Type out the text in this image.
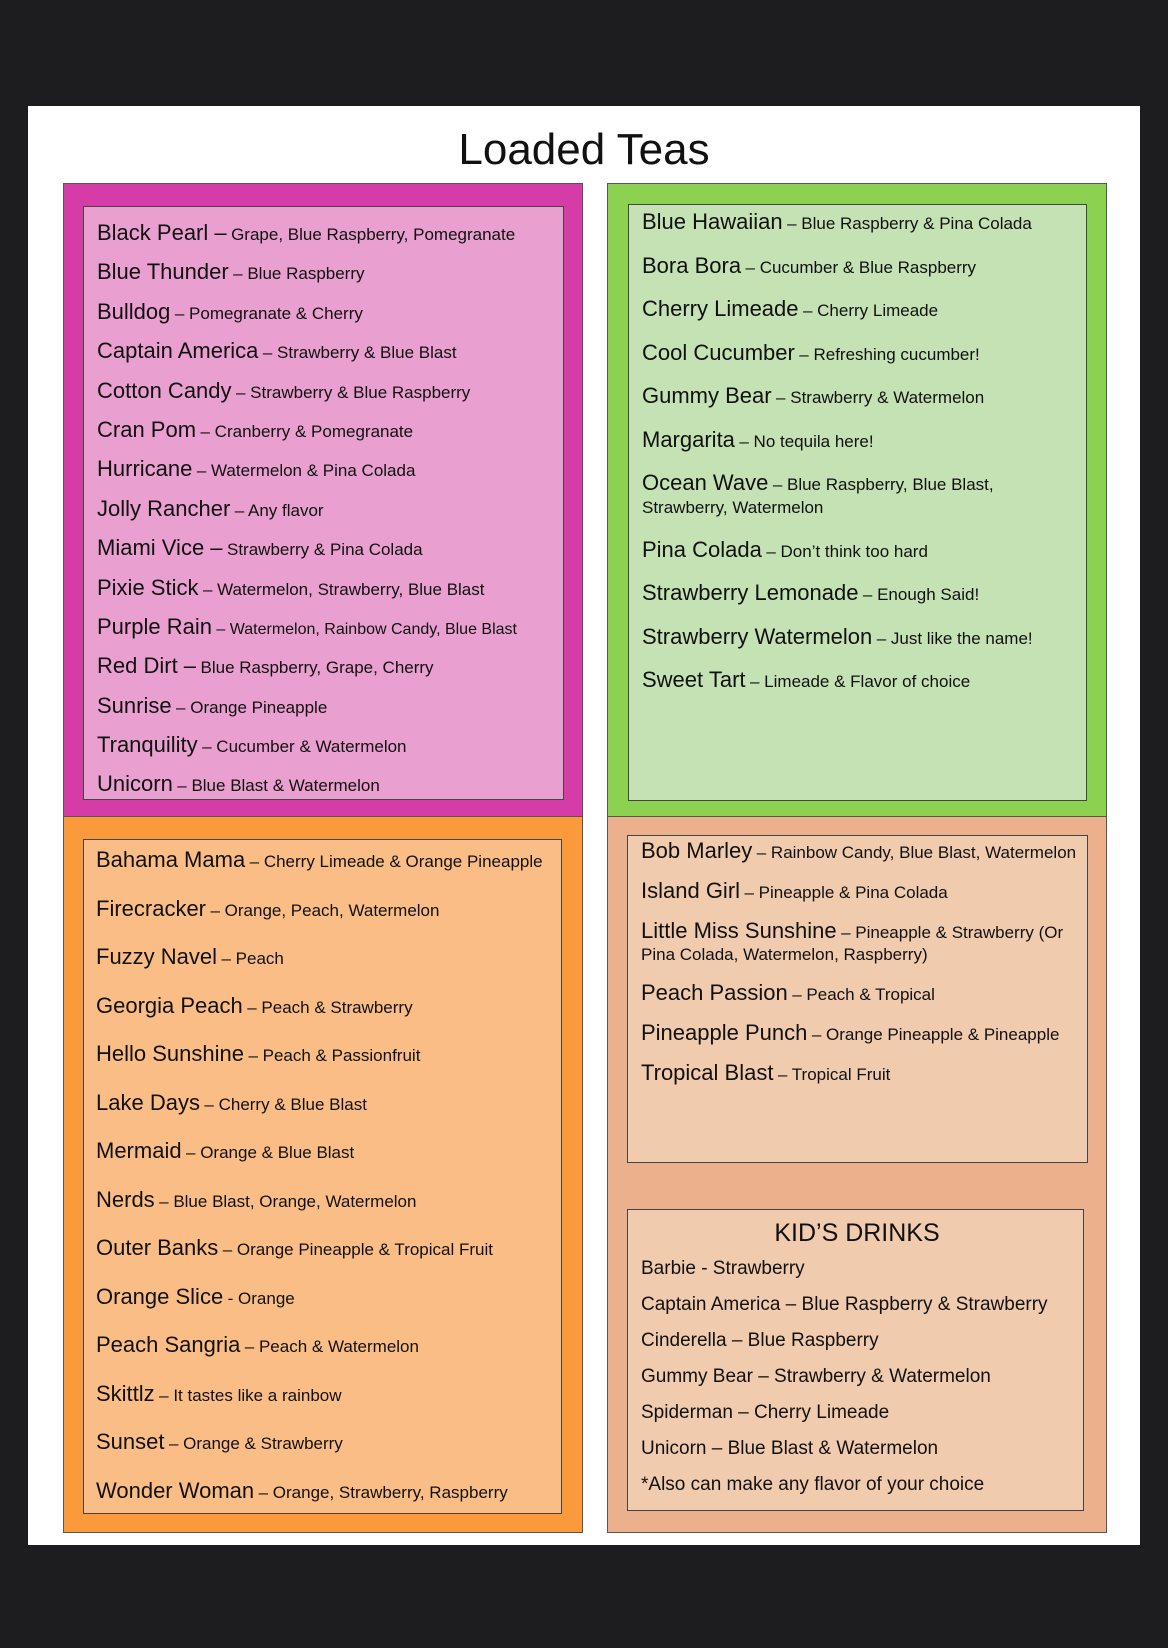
Loaded Teas

Black Pearl – Grape, Blue Raspberry, Pomegranate

Blue Thunder – Blue Raspberry

Bulldog – Pomegranate & Cherry

Captain America – Strawberry & Blue Blast

Cotton Candy – Strawberry & Blue Raspberry

Cran Pom – Cranberry & Pomegranate

Hurricane – Watermelon & Pina Colada

Jolly Rancher – Any flavor

Miami Vice – Strawberry & Pina Colada

Pixie Stick – Watermelon, Strawberry, Blue Blast

Purple Rain – Watermelon, Rainbow Candy, Blue Blast

Red Dirt – Blue Raspberry, Grape, Cherry

Sunrise – Orange Pineapple

Tranquility – Cucumber & Watermelon

Unicorn – Blue Blast & Watermelon

Blue Hawaiian – Blue Raspberry & Pina Colada

Bora Bora – Cucumber & Blue Raspberry

Cherry Limeade – Cherry Limeade

Cool Cucumber – Refreshing cucumber!

Gummy Bear – Strawberry & Watermelon

Margarita – No tequila here!

Ocean Wave – Blue Raspberry, Blue Blast, Strawberry, Watermelon

Pina Colada – Don’t think too hard

Strawberry Lemonade – Enough Said!

Strawberry Watermelon – Just like the name!

Sweet Tart – Limeade & Flavor of choice

Bahama Mama – Cherry Limeade & Orange Pineapple

Firecracker – Orange, Peach, Watermelon

Fuzzy Navel – Peach

Georgia Peach – Peach & Strawberry

Hello Sunshine – Peach & Passionfruit

Lake Days – Cherry & Blue Blast

Mermaid – Orange & Blue Blast

Nerds – Blue Blast, Orange, Watermelon

Outer Banks – Orange Pineapple & Tropical Fruit

Orange Slice - Orange

Peach Sangria – Peach & Watermelon

Skittlz – It tastes like a rainbow

Sunset – Orange & Strawberry

Wonder Woman – Orange, Strawberry, Raspberry

Bob Marley – Rainbow Candy, Blue Blast, Watermelon

Island Girl – Pineapple & Pina Colada

Little Miss Sunshine – Pineapple & Strawberry (Or Pina Colada, Watermelon, Raspberry)

Peach Passion – Peach & Tropical

Pineapple Punch – Orange Pineapple & Pineapple

Tropical Blast – Tropical Fruit

KID’S DRINKS
Barbie - Strawberry
Captain America – Blue Raspberry & Strawberry
Cinderella – Blue Raspberry
Gummy Bear – Strawberry & Watermelon
Spiderman – Cherry Limeade
Unicorn – Blue Blast & Watermelon
*Also can make any flavor of your choice
